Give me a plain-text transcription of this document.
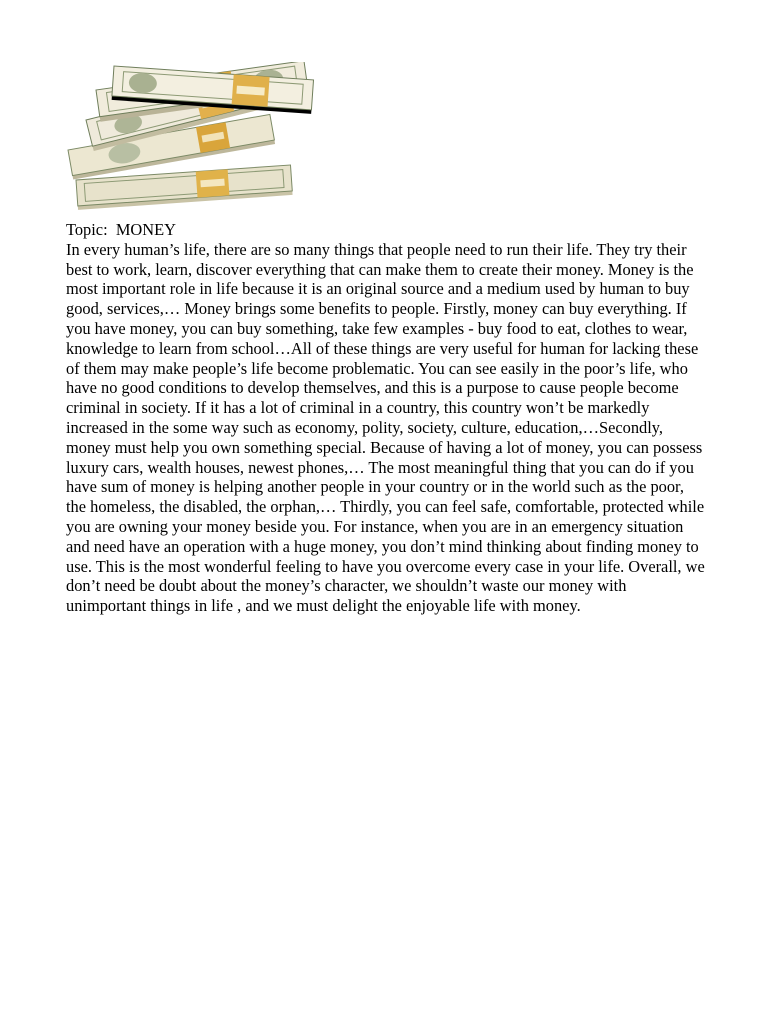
Topic:  MONEY

In every human’s life, there are so many things that people need to run their life. They try their best to work, learn, discover everything that can make them to create their money. Money is the most important role in life because it is an original source and a medium used by human to buy good, services,… Money brings some benefits to people. Firstly, money can buy everything. If you have money, you can buy something, take few examples - buy food to eat, clothes to wear, knowledge to learn from school…All of these things are very useful for human for lacking these of them may make people’s life become problematic. You can see easily in the poor’s life, who have no good conditions to develop themselves, and this is a purpose to cause people become criminal in society. If it has a lot of criminal in a country, this country won’t be markedly increased in the some way such as economy, polity, society, culture, education,…Secondly, money must help you own something special. Because of having a lot of money, you can possess luxury cars, wealth houses, newest phones,… The most meaningful thing that you can do if you have sum of money is helping another people in your country or in the world such as the poor, the homeless, the disabled, the orphan,… Thirdly, you can feel safe, comfortable, protected while you are owning your money beside you. For instance, when you are in an emergency situation and need have an operation with a huge money, you don’t mind thinking about finding money to use. This is the most wonderful feeling to have you overcome every case in your life. Overall, we don’t need be doubt about the money’s character, we shouldn’t waste our money with unimportant things in life , and we must delight the enjoyable life with money.
